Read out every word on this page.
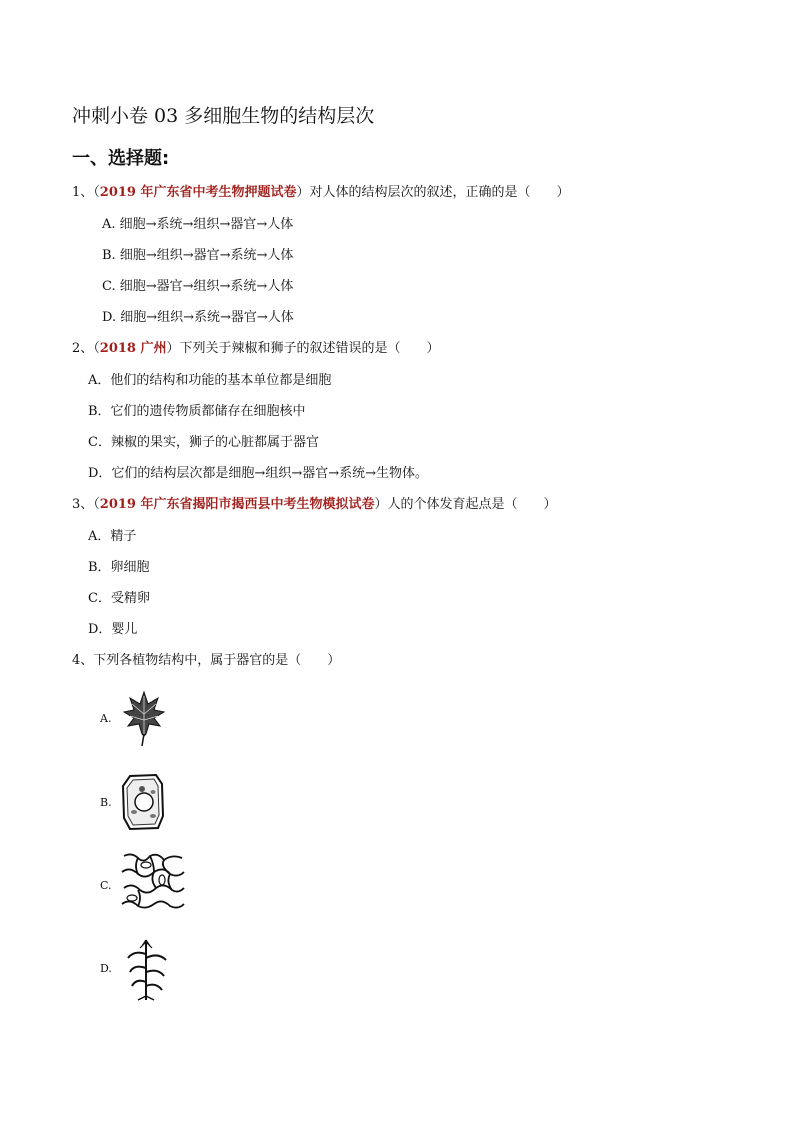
冲刺小卷 03 多细胞生物的结构层次
一、选择题:
1、（2019 年广东省中考生物押题试卷）对人体的结构层次的叙述，正确的是（　　）
A. 细胞→系统→组织→器官→人体
B. 细胞→组织→器官→系统→人体
C. 细胞→器官→组织→系统→人体
D. 细胞→组织→系统→器官→人体
2、（2018 广州）下列关于辣椒和狮子的叙述错误的是（　　）
A．他们的结构和功能的基本单位都是细胞
B．它们的遗传物质都储存在细胞核中
C．辣椒的果实，狮子的心脏都属于器官
D．它们的结构层次都是细胞→组织→器官→系统→生物体。
3、（2019 年广东省揭阳市揭西县中考生物模拟试卷）人的个体发育起点是（　　）
A．精子
B．卵细胞
C．受精卵
D．婴儿
4、下列各植物结构中，属于器官的是（　　）
A.
B.
C.
D.
